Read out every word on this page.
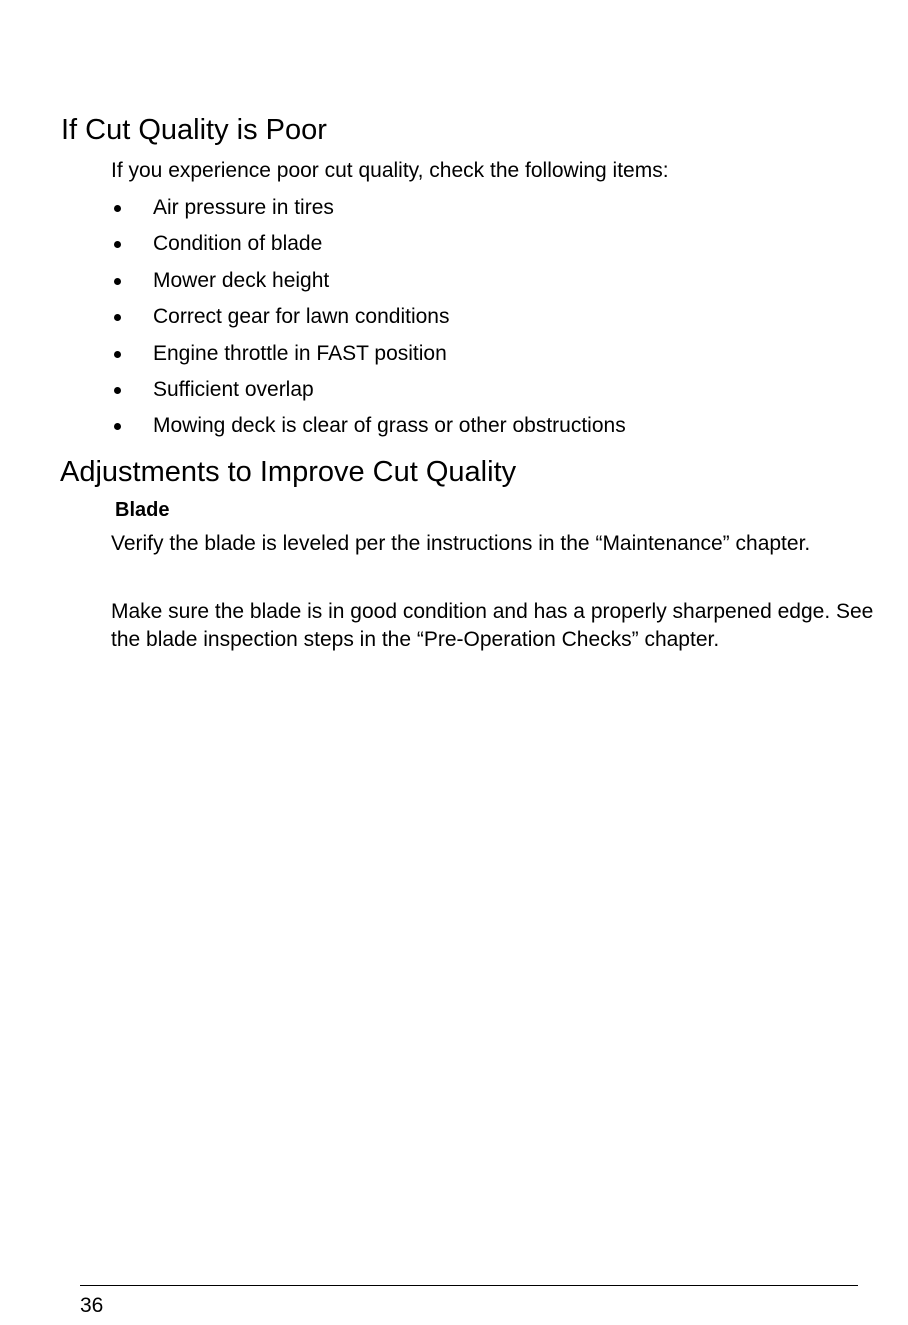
If Cut Quality is Poor

If you experience poor cut quality, check the following items:

Air pressure in tires
Condition of blade
Mower deck height
Correct gear for lawn conditions
Engine throttle in FAST position
Sufficient overlap
Mowing deck is clear of grass or other obstructions
Adjustments to Improve Cut Quality
Blade

Verify the blade is leveled per the instructions in the “Maintenance” chapter.

Make sure the blade is in good condition and has a properly sharpened edge. See the blade inspection steps in the “Pre-Operation Checks” chapter.

36
